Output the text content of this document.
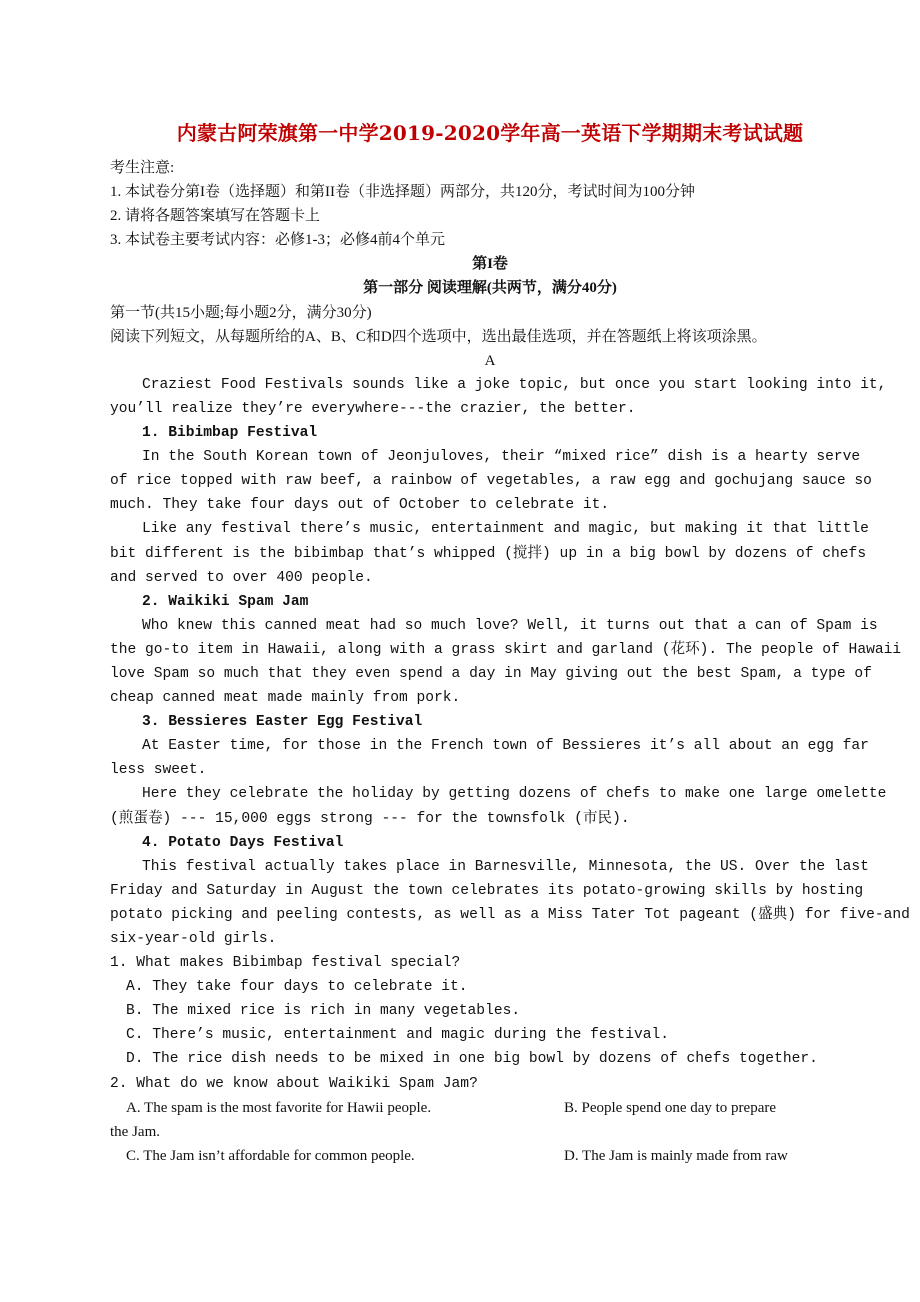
内蒙古阿荣旗第一中学2019-2020学年高一英语下学期期末考试试题

考生注意:

1. 本试卷分第I卷（选择题）和第II卷（非选择题）两部分，共120分，考试时间为100分钟

2. 请将各题答案填写在答题卡上

3. 本试卷主要考试内容：必修1-3；必修4前4个单元

第I卷

第一部分 阅读理解(共两节，满分40分)

第一节(共15小题;每小题2分，满分30分)

阅读下列短文，从每题所给的A、B、C和D四个选项中，选出最佳选项，并在答题纸上将该项涂黑。

A

Craziest Food Festivals sounds like a joke topic, but once you start looking into it,

you’ll realize they’re everywhere---the crazier, the better.

1. Bibimbap Festival

In the South Korean town of Jeonjuloves, their “mixed rice” dish is a hearty serve

of rice topped with raw beef, a rainbow of vegetables, a raw egg and gochujang sauce so

much. They take four days out of October to celebrate it.

Like any festival there’s music, entertainment and magic, but making it that little

bit different is the bibimbap that’s whipped (搅拌) up in a big bowl by dozens of chefs

and served to over 400 people.

2. Waikiki Spam Jam

Who knew this canned meat had so much love? Well, it turns out that a can of Spam is

the go-to item in Hawaii, along with a grass skirt and garland (花环). The people of Hawaii

love Spam so much that they even spend a day in May giving out the best Spam, a type of

cheap canned meat made mainly from pork.

3. Bessieres Easter Egg Festival

At Easter time, for those in the French town of Bessieres it’s all about an egg far

less sweet.

Here they celebrate the holiday by getting dozens of chefs to make one large omelette

(煎蛋卷) --- 15,000 eggs strong --- for the townsfolk (市民).

4. Potato Days Festival

This festival actually takes place in Barnesville, Minnesota, the US. Over the last

Friday and Saturday in August the town celebrates its potato-growing skills by hosting

potato picking and peeling contests, as well as a Miss Tater Tot pageant (盛典) for five-and

six-year-old girls.

1. What makes Bibimbap festival special?

A. They take four days to celebrate it.

B. The mixed rice is rich in many vegetables.

C. There’s music, entertainment and magic during the festival.

D. The rice dish needs to be mixed in one big bowl by dozens of chefs together.

2. What do we know about Waikiki Spam Jam?

A. The spam is the most favorite for Hawii people.	B. People spend one day to prepare

the Jam.

C. The Jam isn’t affordable for common people.	D. The Jam is mainly made from raw
